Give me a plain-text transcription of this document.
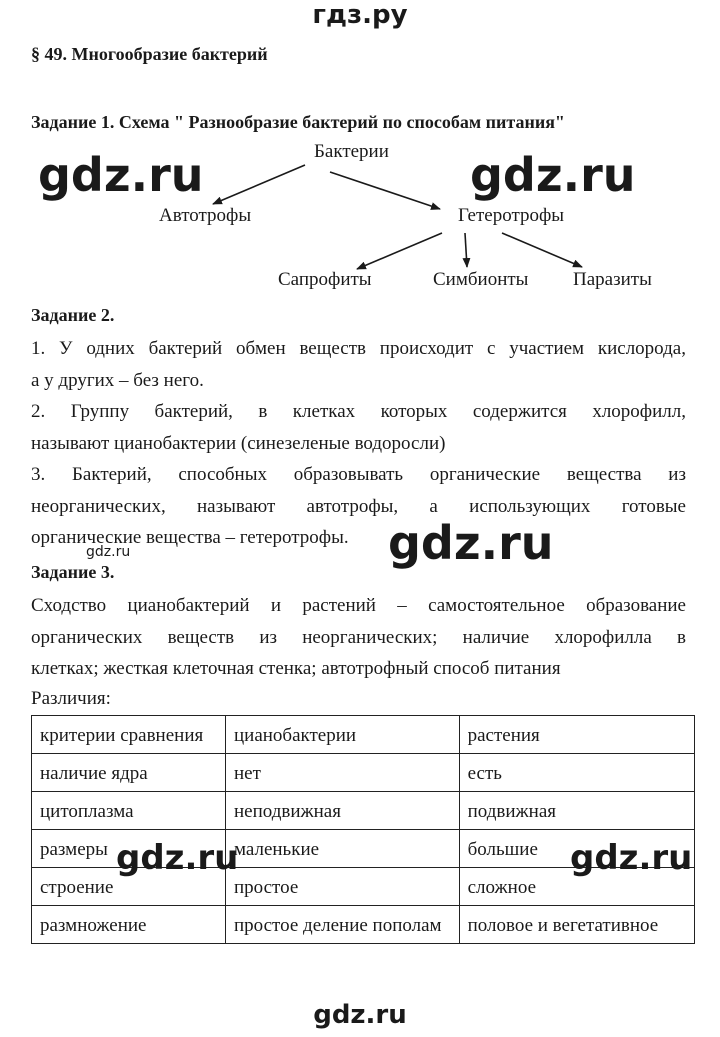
гдз.ру
§ 49. Многообразие бактерий
Задание 1. Схема " Разнообразие бактерий по способам питания"
Бактерии
Автотрофы	Гетеротрофы
Сапрофиты	Симбионты Паразиты
Задание 2.
1. У одних бактерий обмен веществ происходит с участием кислорода,
а у других – без него.
2. Группу бактерий, в клетках которых содержится хлорофилл,
называют цианобактерии (синезеленые водоросли)
3. Бактерий, способных образовывать органические вещества из
неорганических, называют автотрофы, а использующих готовые
органические вещества – гетеротрофы.
gdz.ru
Задание 3.
Сходство цианобактерий и растений – самостоятельное образование
органических веществ из неорганических; наличие хлорофилла в
клетках; жесткая клеточная стенка; автотрофный способ питания
Различия:
критерии сравнения	цианобактерии	растения
наличие ядра	нет	есть
цитоплазма	неподвижная	подвижная
размеры	маленькие	большие
строение	простое	сложное
размножение	простое деление пополам	половое и вегетативное
gdz.ru	gdz.ru
gdz.ru
gdz.ru	gdz.ru
gdz.ru
